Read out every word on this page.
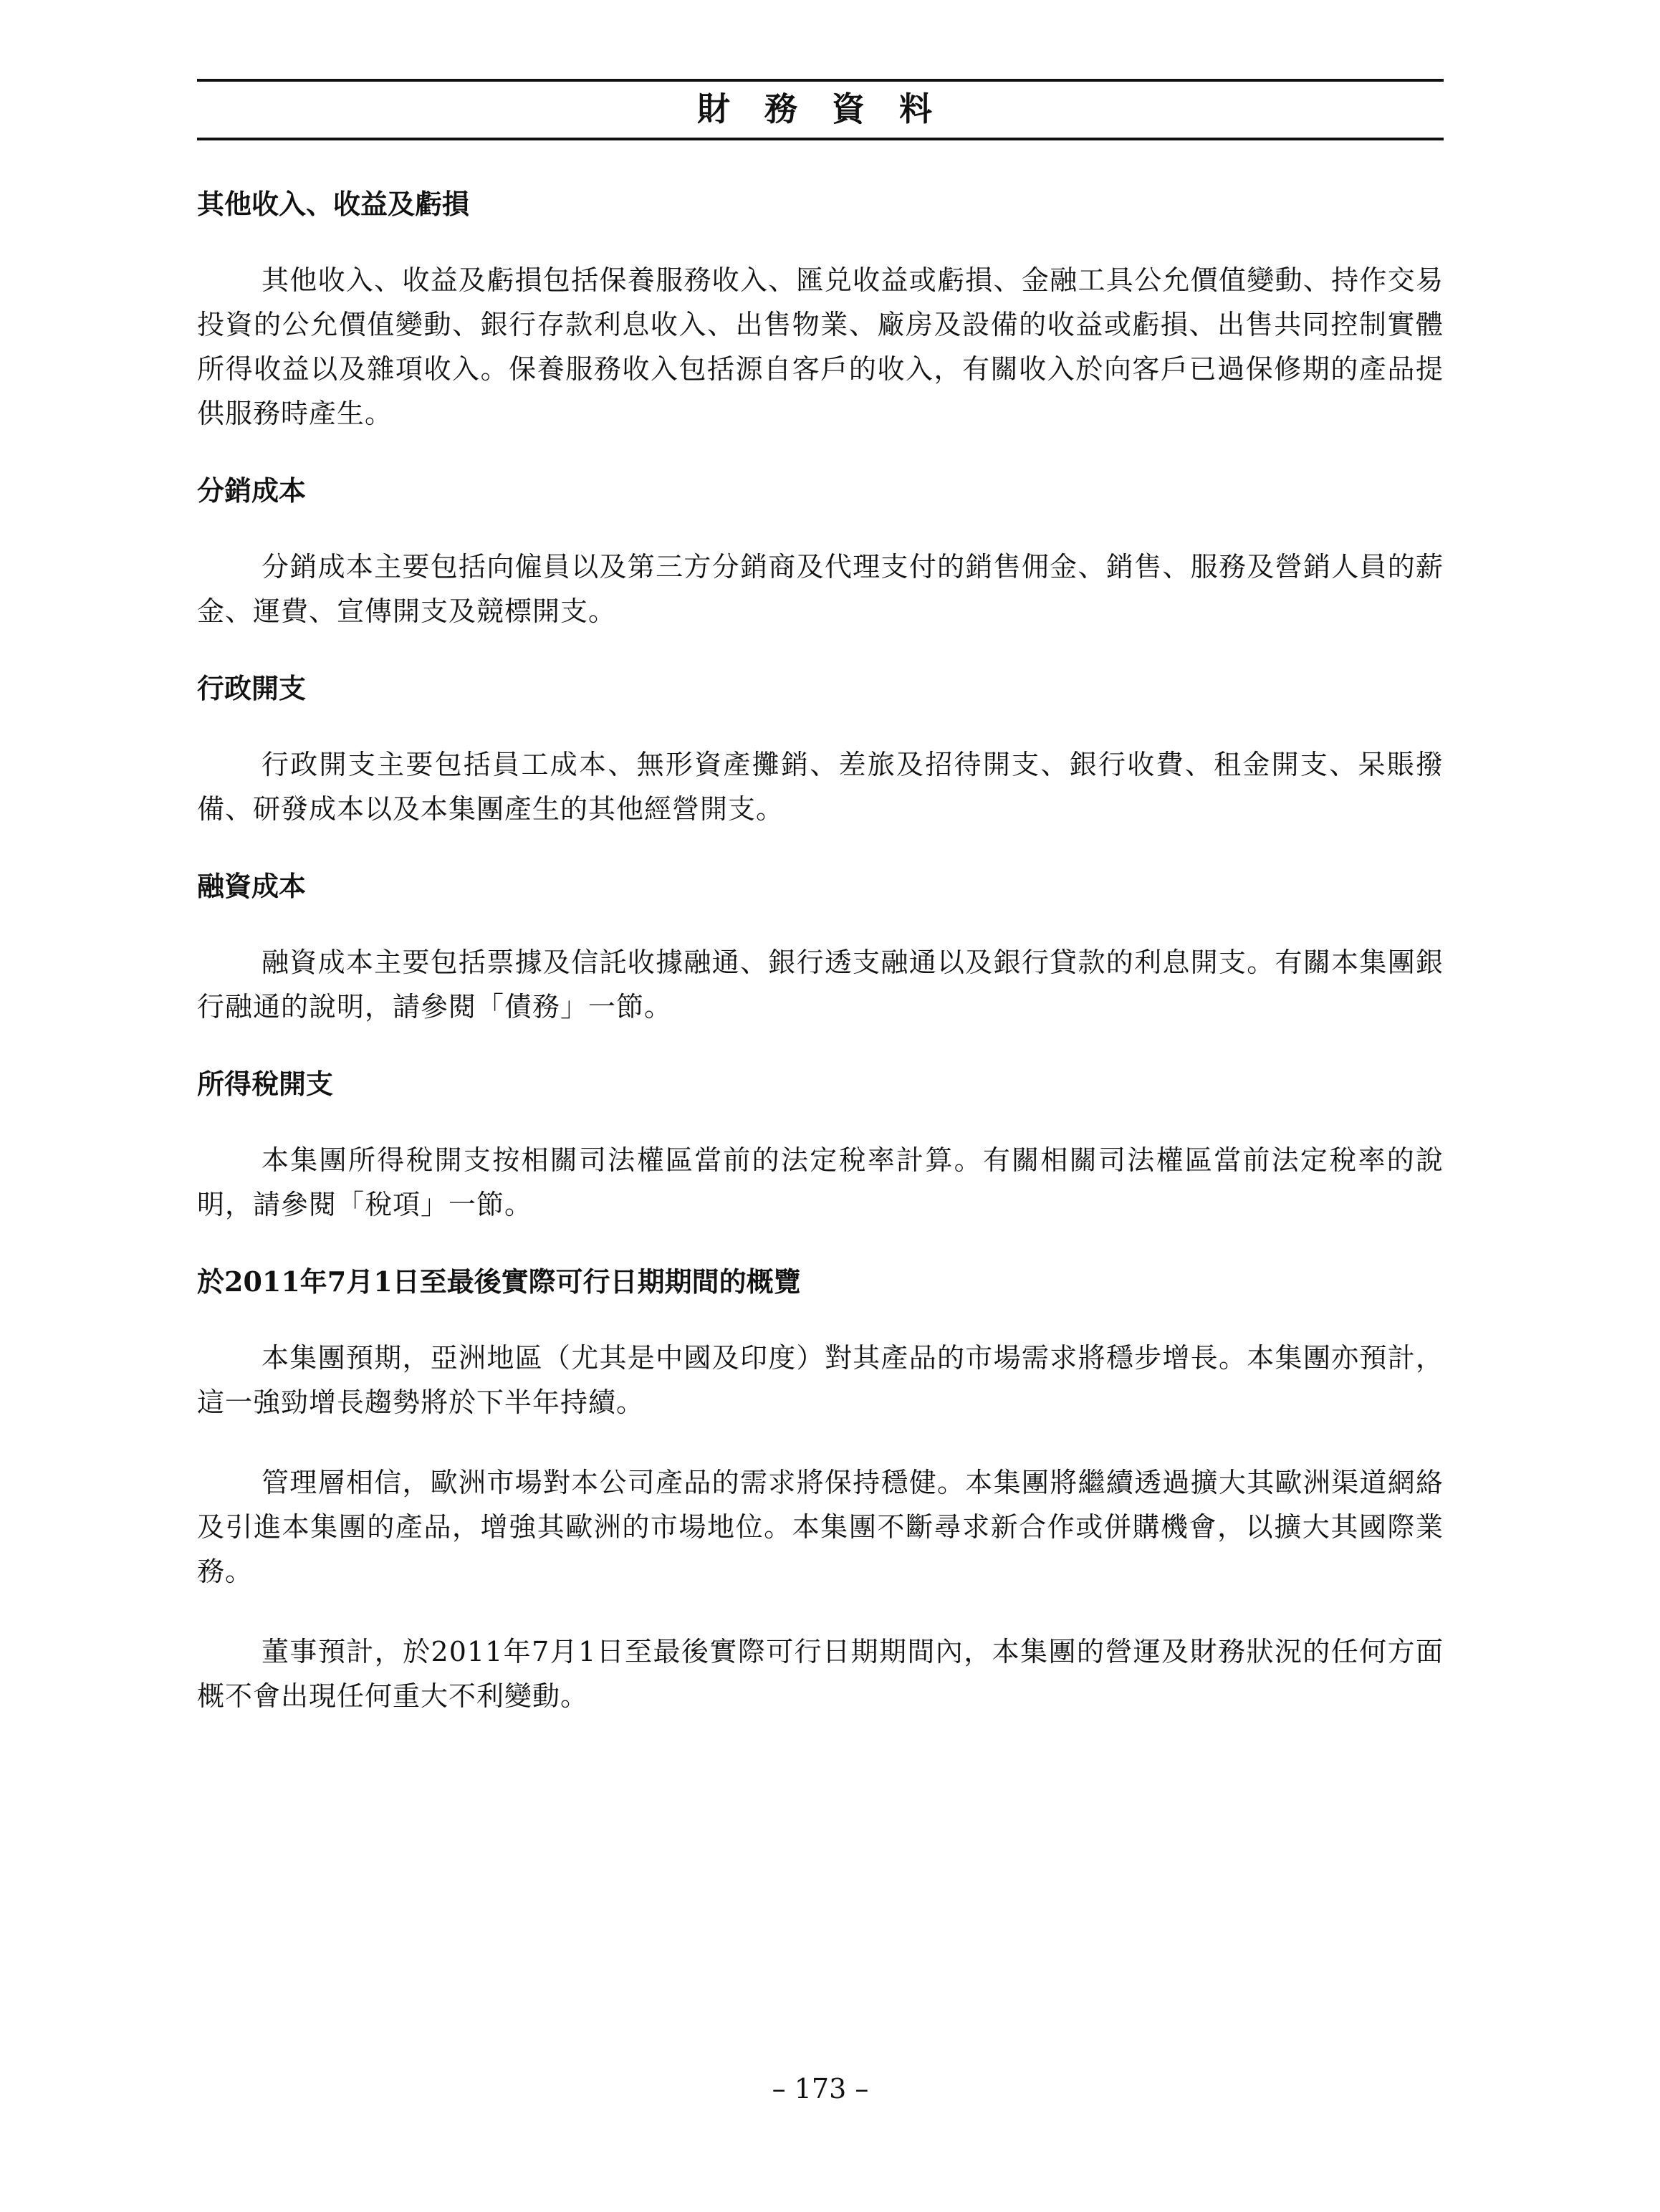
財 務 資 料
其他收入、收益及虧損

其他收入、收益及虧損包括保養服務收入、匯兑收益或虧損、金融工具公允價值變動、持作交易投資的公允價值變動、銀行存款利息收入、出售物業、廠房及設備的收益或虧損、出售共同控制實體所得收益以及雜項收入。保養服務收入包括源自客戶的收入，有關收入於向客戶已過保修期的產品提供服務時產生。

分銷成本

分銷成本主要包括向僱員以及第三方分銷商及代理支付的銷售佣金、銷售、服務及營銷人員的薪金、運費、宣傳開支及競標開支。

行政開支

行政開支主要包括員工成本、無形資產攤銷、差旅及招待開支、銀行收費、租金開支、呆賬撥備、研發成本以及本集團產生的其他經營開支。

融資成本

融資成本主要包括票據及信託收據融通、銀行透支融通以及銀行貸款的利息開支。有關本集團銀行融通的說明，請參閱「債務」一節。

所得稅開支

本集團所得稅開支按相關司法權區當前的法定稅率計算。有關相關司法權區當前法定稅率的說明，請參閱「稅項」一節。

於2011年7月1日至最後實際可行日期期間的概覽

本集團預期，亞洲地區（尤其是中國及印度）對其產品的市場需求將穩步增長。本集團亦預計，這一強勁增長趨勢將於下半年持續。

管理層相信，歐洲市場對本公司產品的需求將保持穩健。本集團將繼續透過擴大其歐洲渠道網絡及引進本集團的產品，增強其歐洲的市場地位。本集團不斷尋求新合作或併購機會，以擴大其國際業務。

董事預計，於2011年7月1日至最後實際可行日期期間內，本集團的營運及財務狀況的任何方面概不會出現任何重大不利變動。

– 173 –
